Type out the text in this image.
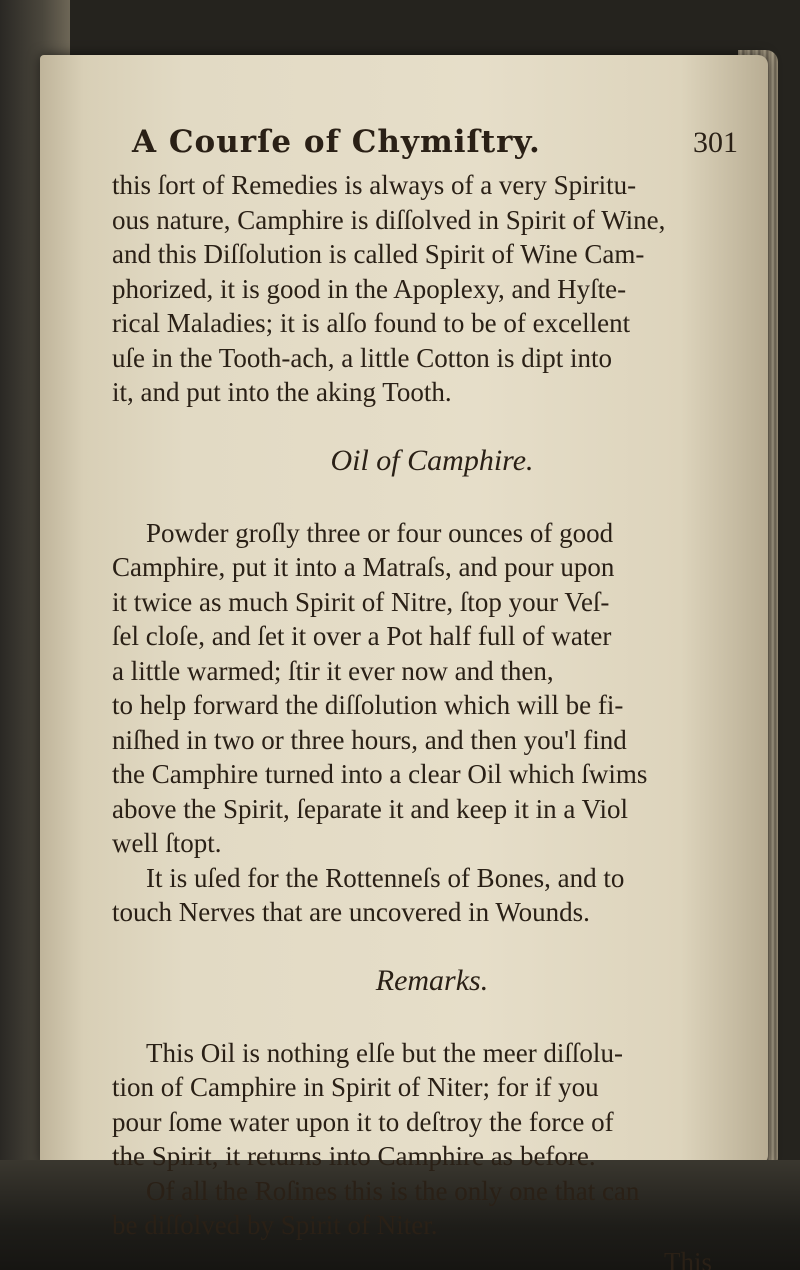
A Courſe of Chymiſtry.	301

this ſort of Remedies is always of a very Spiritu-
ous nature, Camphire is diſſolved in Spirit of Wine,
and this Diſſolution is called Spirit of Wine Cam-
phorized, it is good in the Apoplexy, and Hyſte-
rical Maladies; it is alſo found to be of excellent
uſe in the Tooth-ach, a little Cotton is dipt into
it, and put into the aking Tooth.

Oil of Camphire.

Powder groſly three or four ounces of good
Camphire, put it into a Matraſs, and pour upon
it twice as much Spirit of Nitre, ſtop your Veſ-
ſel cloſe, and ſet it over a Pot half full of water
a little warmed; ſtir it ever now and then,
to help forward the diſſolution which will be fi-
niſhed in two or three hours, and then you'l find
the Camphire turned into a clear Oil which ſwims
above the Spirit, ſeparate it and keep it in a Viol
well ſtopt.

It is uſed for the Rottenneſs of Bones, and to
touch Nerves that are uncovered in Wounds.

Remarks.

This Oil is nothing elſe but the meer diſſolu-
tion of Camphire in Spirit of Niter; for if you
pour ſome water upon it to deſtroy the force of
the Spirit, it returns into Camphire as before.

Of all the Roſines this is the only one that can
be diſſolved by Spirit of Niter.

This
